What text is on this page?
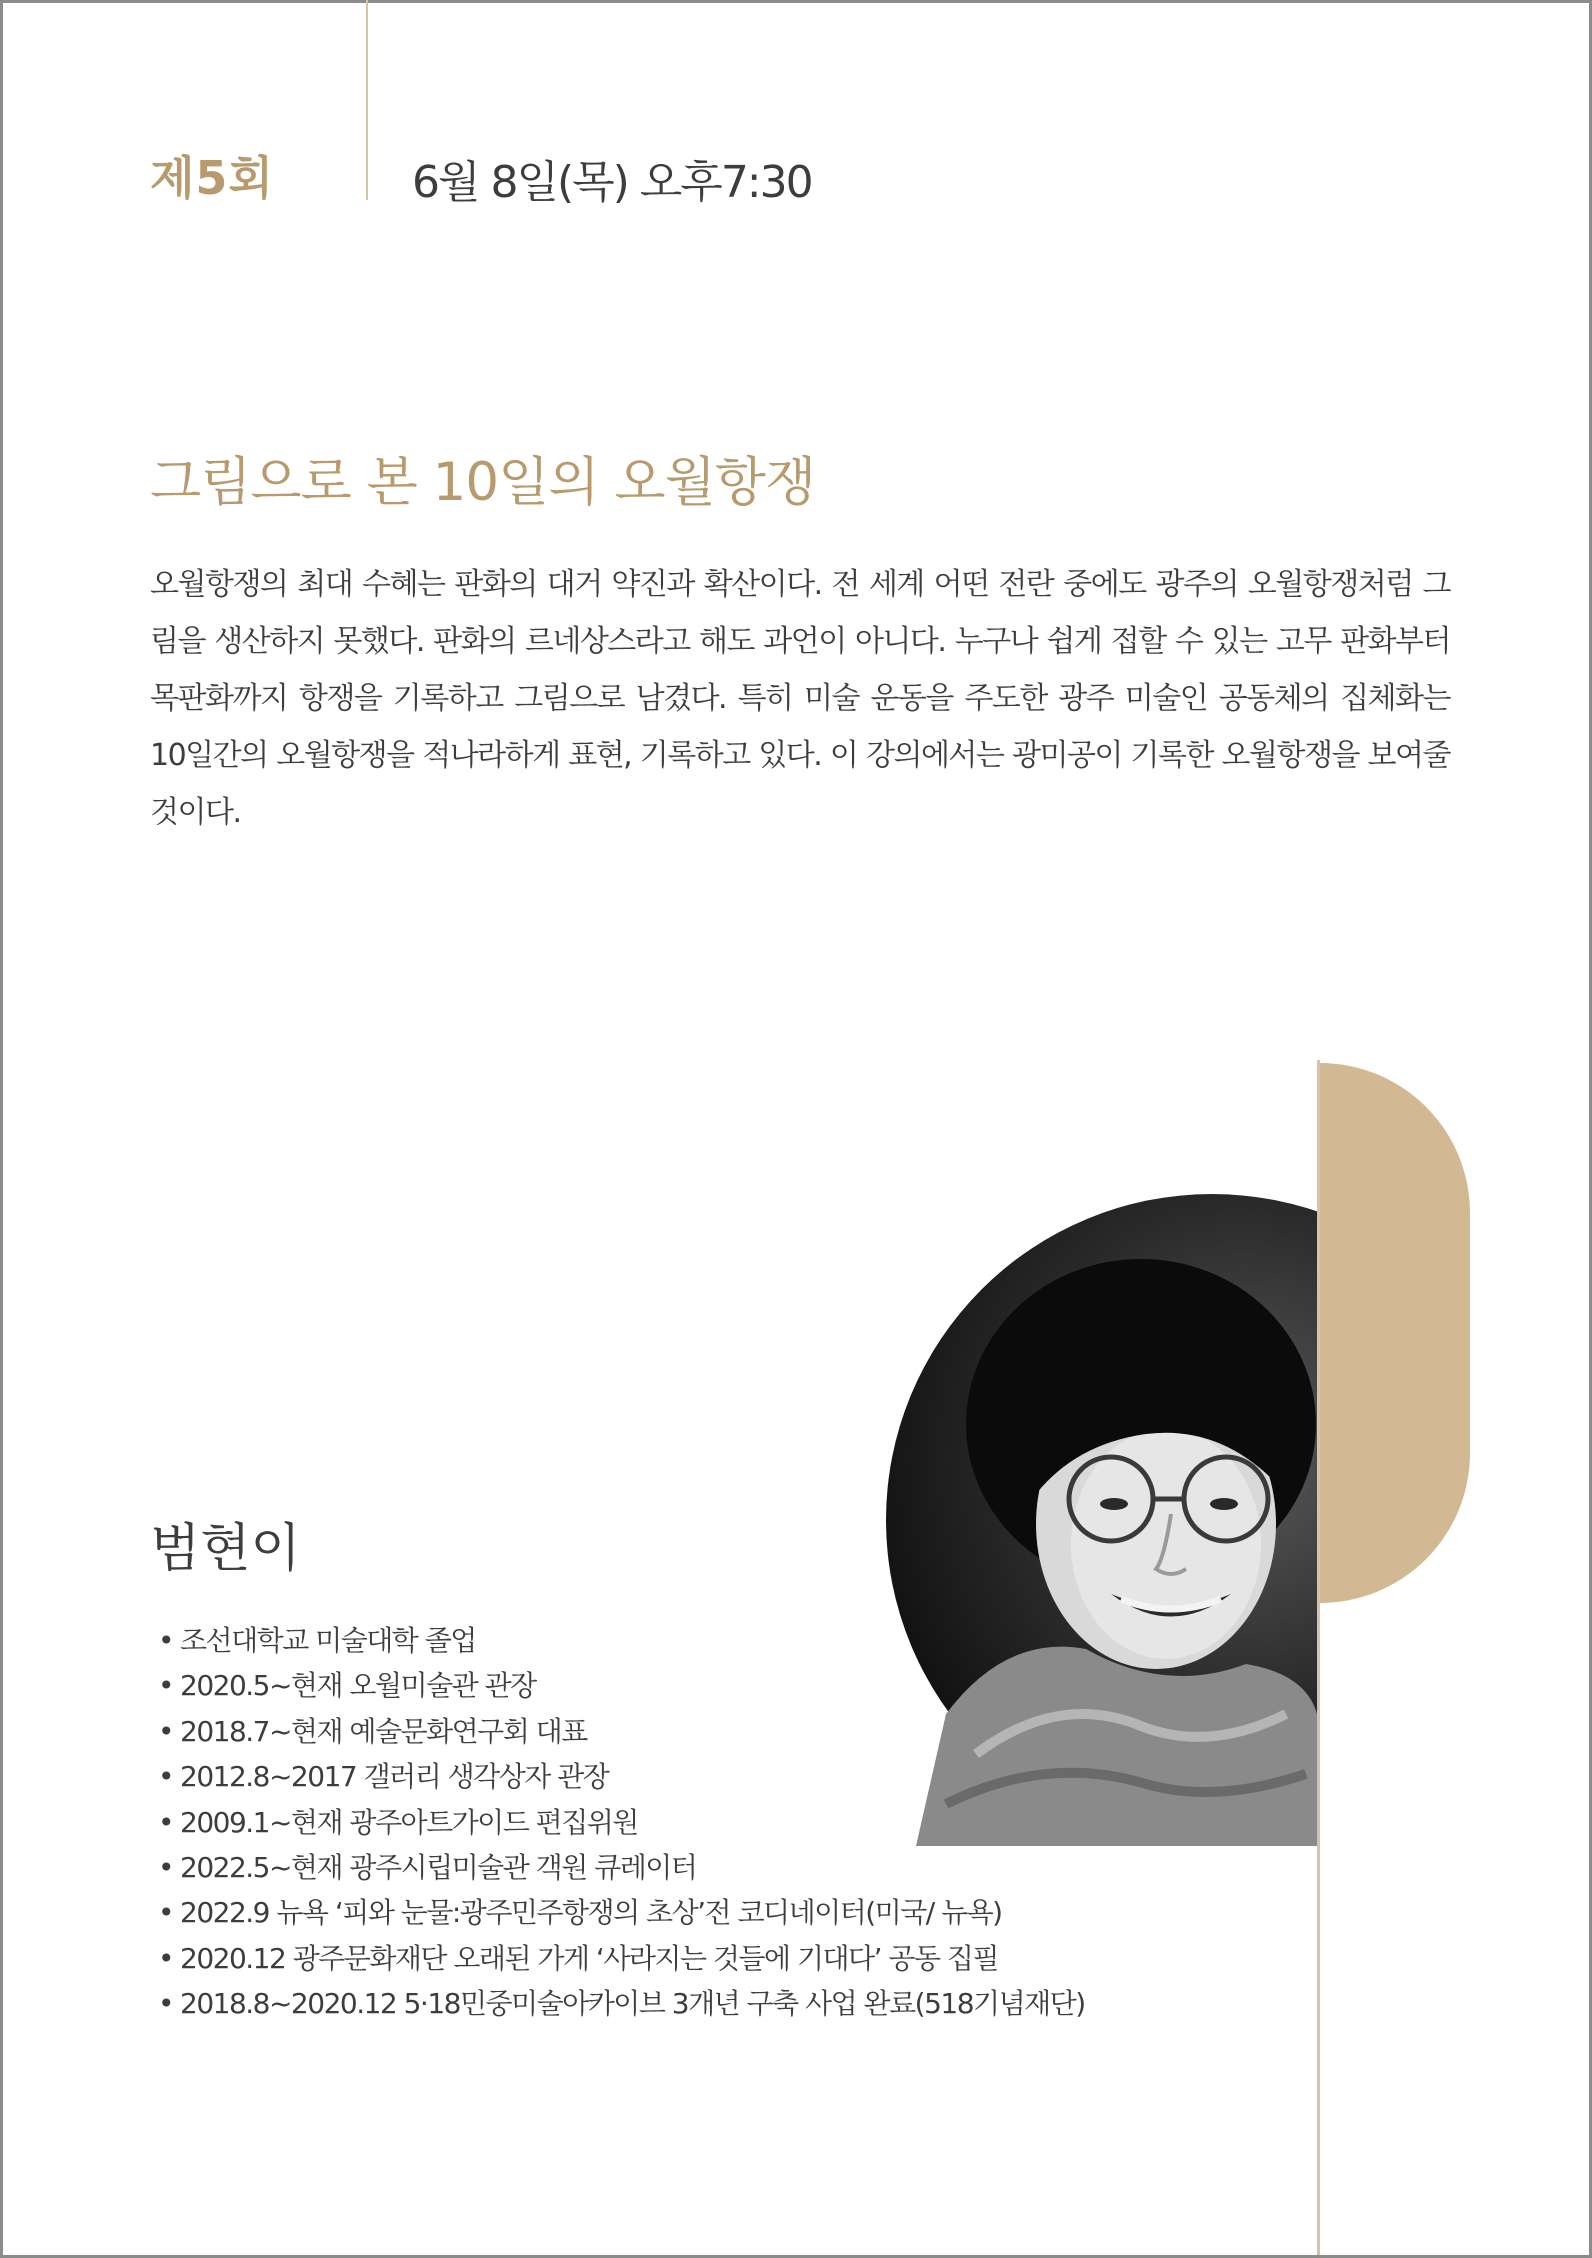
제5회	6월 8일(목) 오후7:30
그림으로 본 10일의 오월항쟁

오월항쟁의 최대 수혜는 판화의 대거 약진과 확산이다. 전 세계 어떤 전란 중에도 광주의 오월항쟁처럼 그림을 생산하지 못했다. 판화의 르네상스라고 해도 과언이 아니다. 누구나 쉽게 접할 수 있는 고무 판화부터 목판화까지 항쟁을 기록하고 그림으로 남겼다. 특히 미술 운동을 주도한 광주 미술인 공동체의 집체화는 10일간의 오월항쟁을 적나라하게 표현, 기록하고 있다. 이 강의에서는 광미공이 기록한 오월항쟁을 보여줄 것이다.

범현이
• 조선대학교 미술대학 졸업
• 2020.5~현재 오월미술관 관장
• 2018.7~현재 예술문화연구회 대표
• 2012.8~2017 갤러리 생각상자 관장
• 2009.1~현재 광주아트가이드 편집위원
• 2022.5~현재 광주시립미술관 객원 큐레이터
• 2022.9 뉴욕 ‘피와 눈물:광주민주항쟁의 초상’전 코디네이터(미국/ 뉴욕)
• 2020.12 광주문화재단 오래된 가게 ‘사라지는 것들에 기대다’ 공동 집필
• 2018.8~2020.12 5·18민중미술아카이브 3개년 구축 사업 완료(518기념재단)
